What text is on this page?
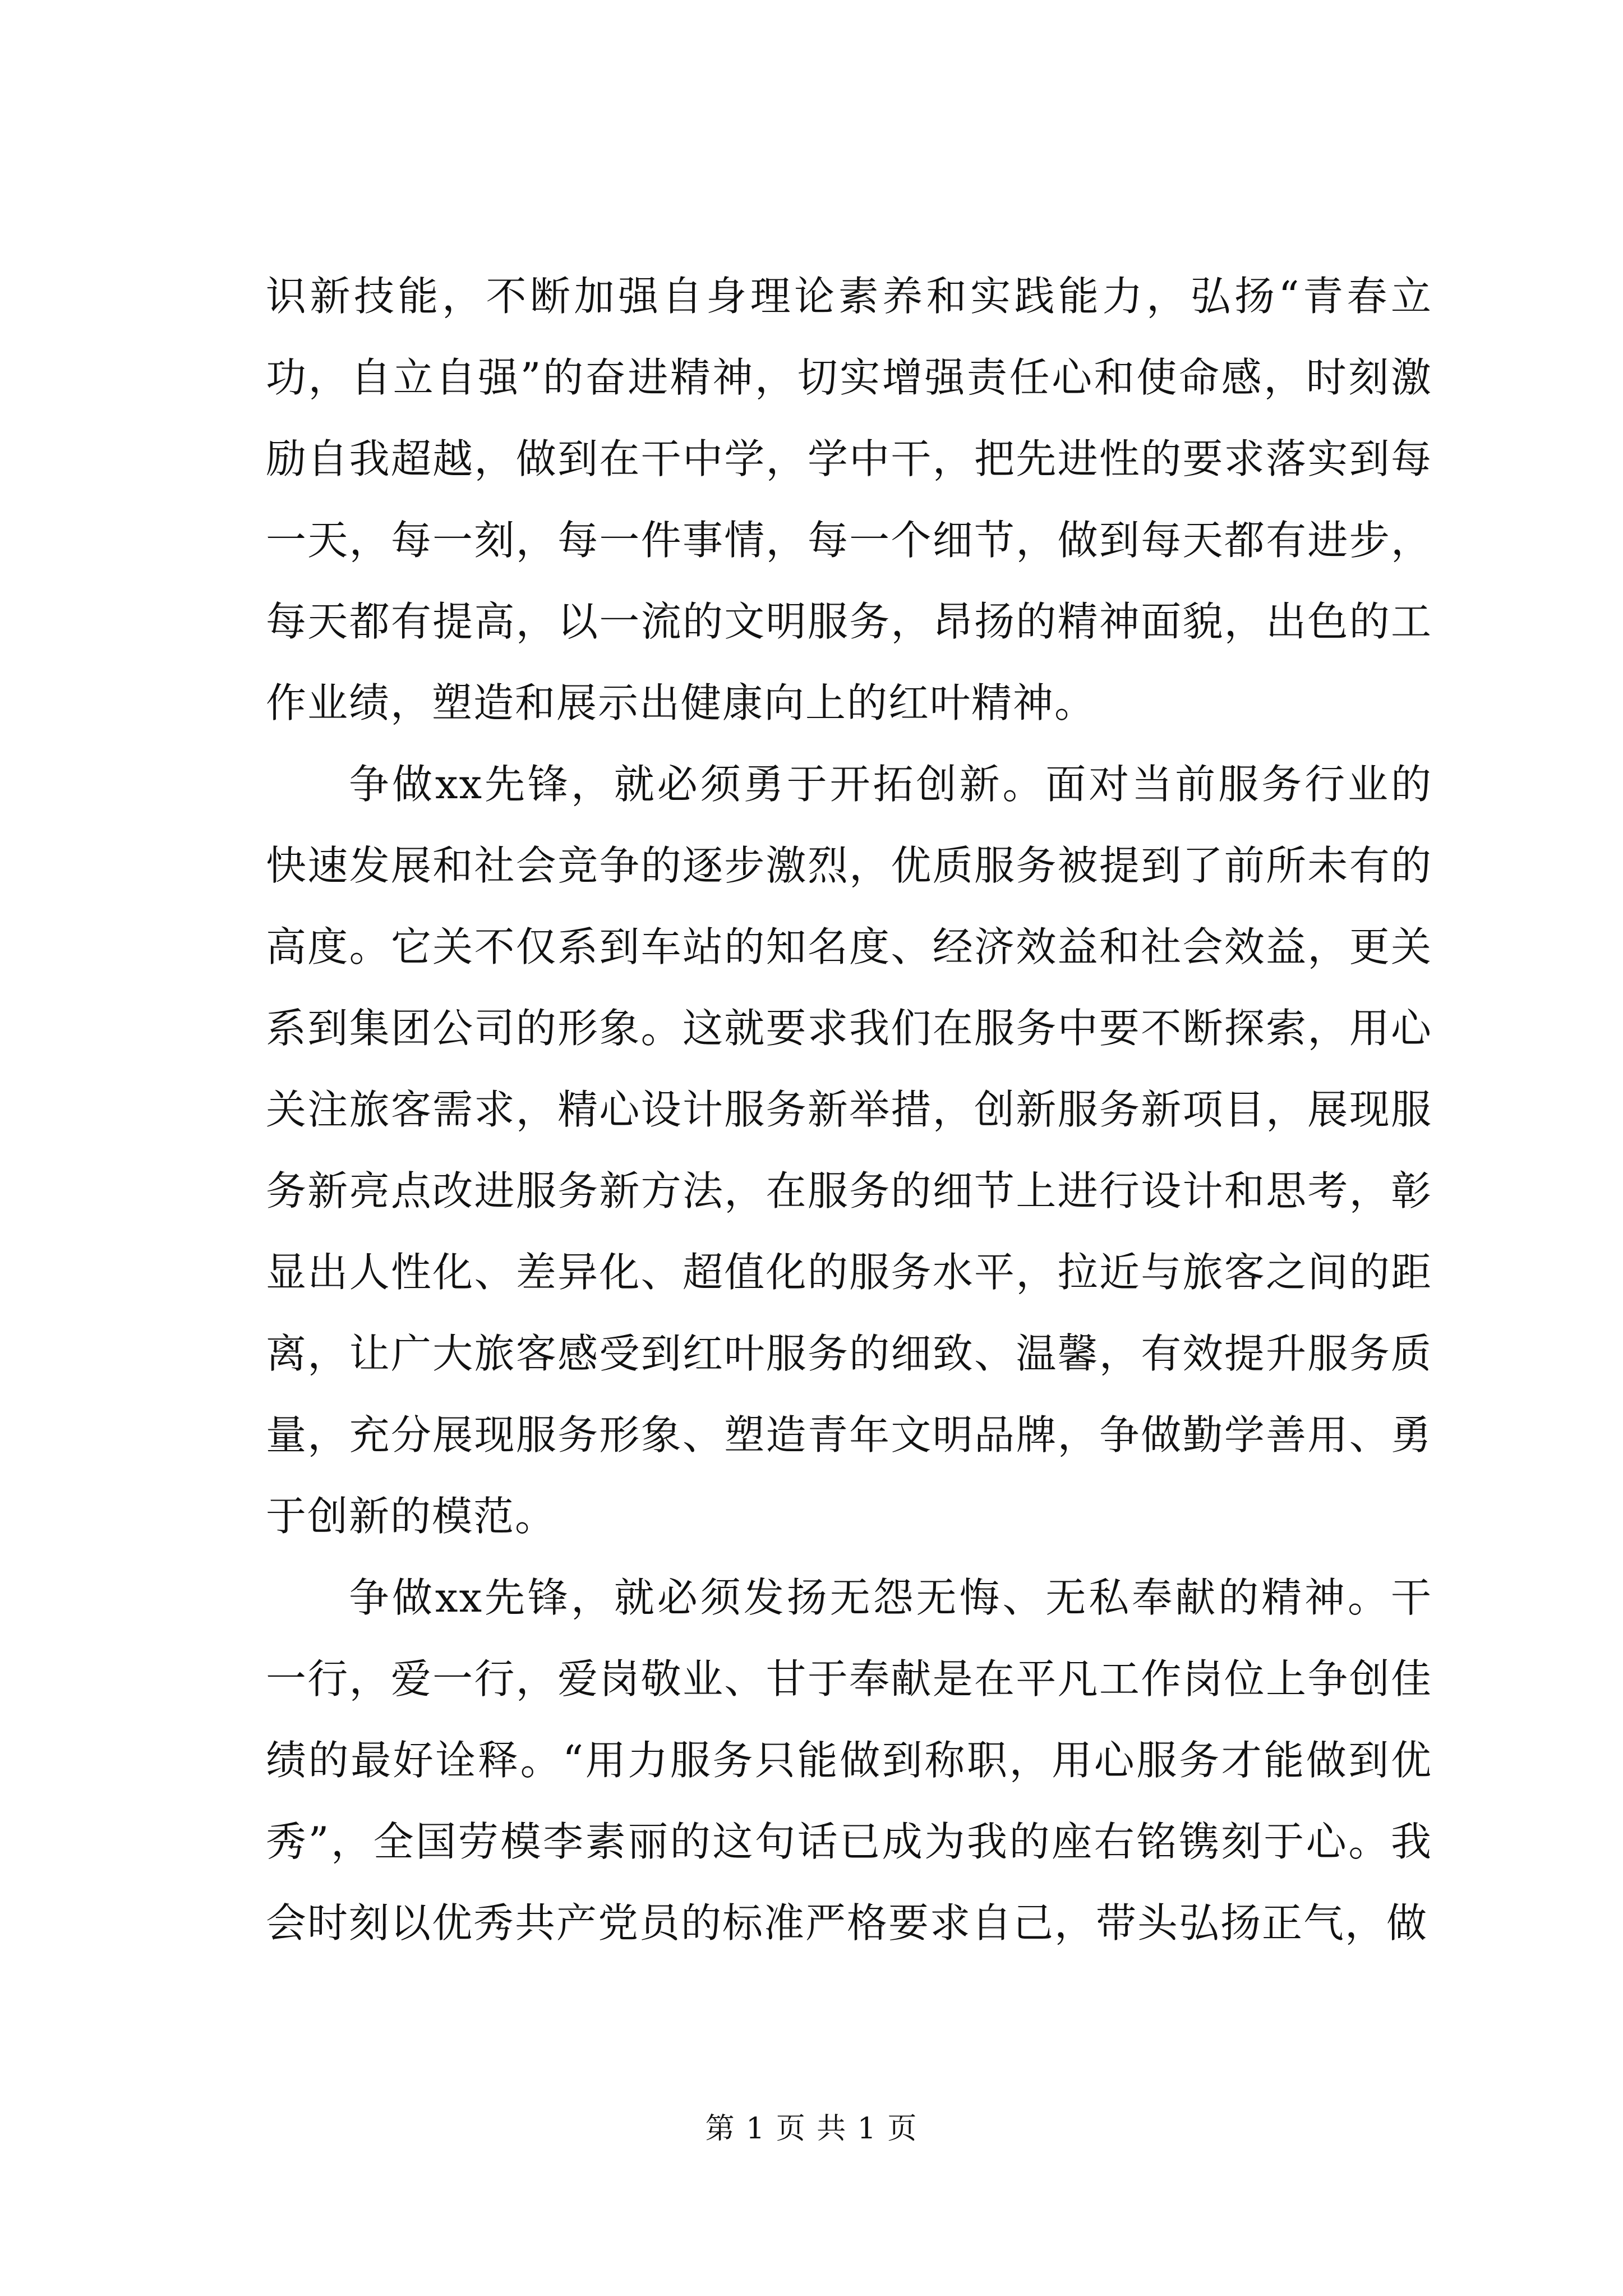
识新技能，不断加强自身理论素养和实践能力，弘扬“青春立功，自立自强”的奋进精神，切实增强责任心和使命感，时刻激励自我超越，做到在干中学，学中干，把先进性的要求落实到每一天，每一刻，每一件事情，每一个细节，做到每天都有进步，每天都有提高，以一流的文明服务，昂扬的精神面貌，出色的工作业绩，塑造和展示出健康向上的红叶精神。

争做xx先锋，就必须勇于开拓创新。面对当前服务行业的快速发展和社会竞争的逐步激烈，优质服务被提到了前所未有的高度。它关不仅系到车站的知名度、经济效益和社会效益，更关系到集团公司的形象。这就要求我们在服务中要不断探索，用心关注旅客需求，精心设计服务新举措，创新服务新项目，展现服务新亮点改进服务新方法，在服务的细节上进行设计和思考，彰显出人性化、差异化、超值化的服务水平，拉近与旅客之间的距离，让广大旅客感受到红叶服务的细致、温馨，有效提升服务质量，充分展现服务形象、塑造青年文明品牌，争做勤学善用、勇于创新的模范。

争做xx先锋，就必须发扬无怨无悔、无私奉献的精神。干一行，爱一行，爱岗敬业、甘于奉献是在平凡工作岗位上争创佳绩的最好诠释。“用力服务只能做到称职，用心服务才能做到优秀”，全国劳模李素丽的这句话已成为我的座右铭镌刻于心。我会时刻以优秀共产党员的标准严格要求自己，带头弘扬正气，做

第 1 页 共 1 页
